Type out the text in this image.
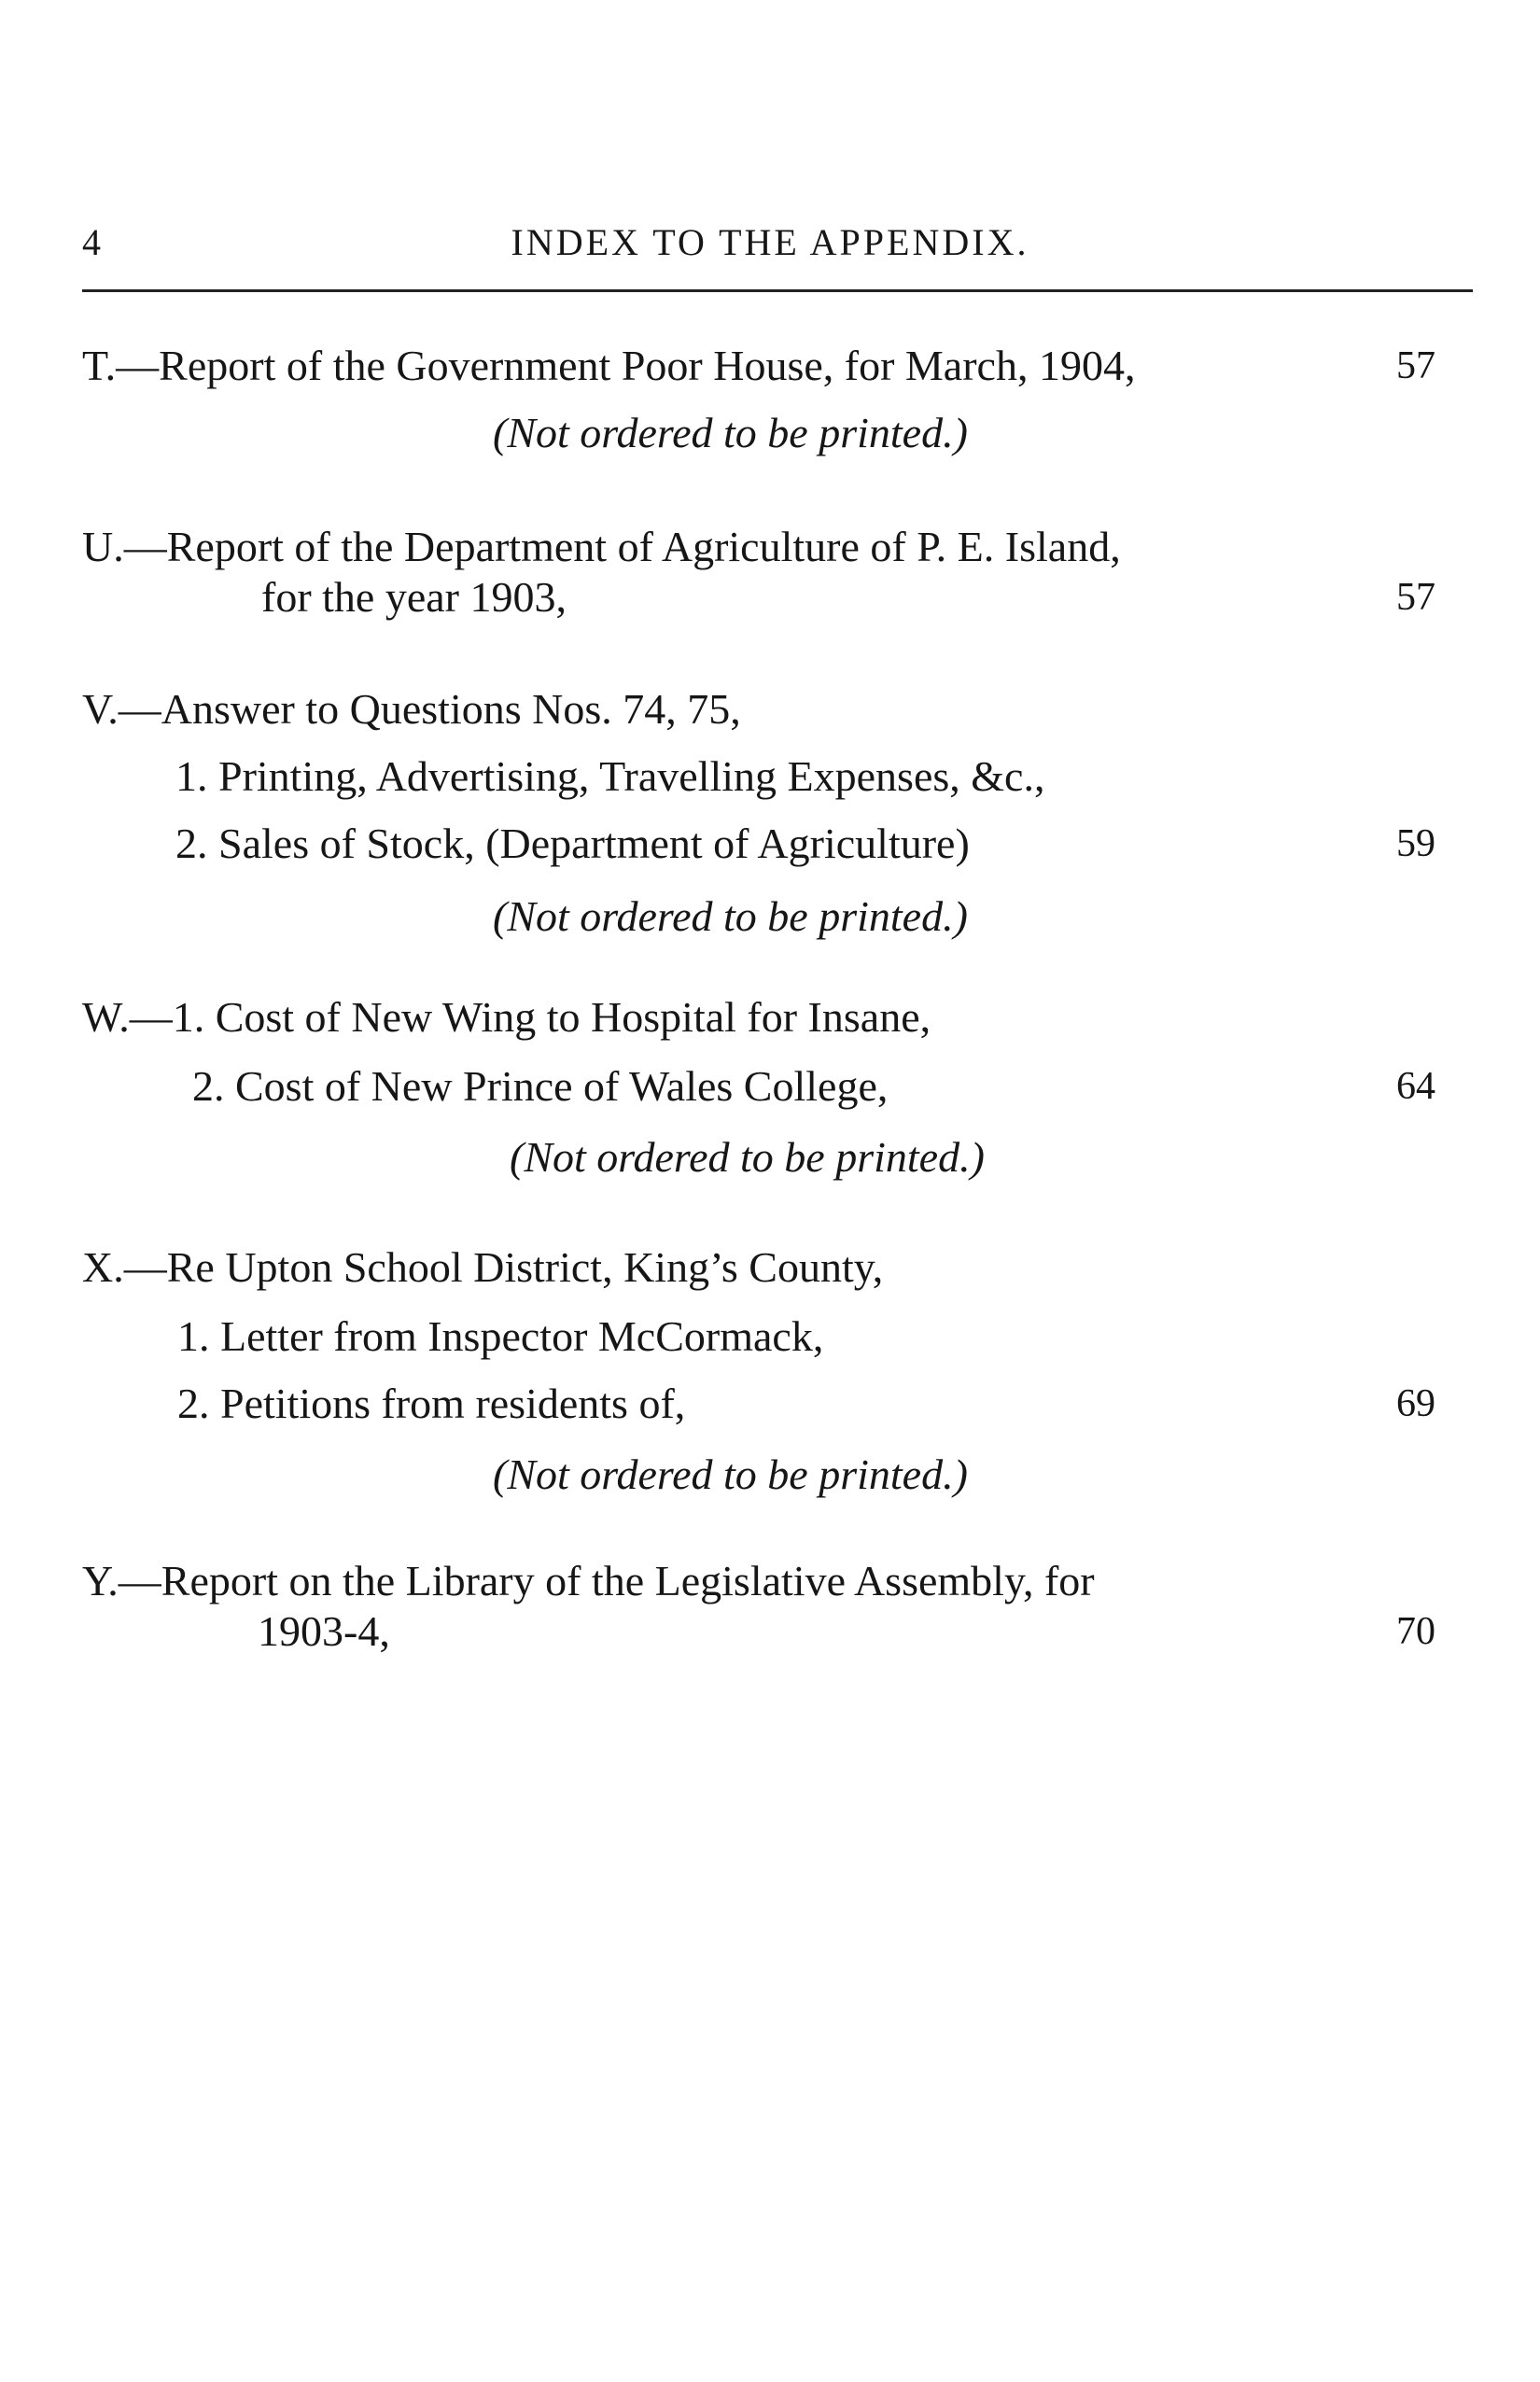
4	INDEX TO THE APPENDIX.
T.—Report of the Government Poor House, for March, 1904,	57
(Not ordered to be printed.)
U.—Report of the Department of Agriculture of P. E. Island,
for the year 1903,	57
V.—Answer to Questions Nos. 74, 75,
1. Printing, Advertising, Travelling Expenses, &c.,
2. Sales of Stock, (Department of Agriculture)	59
(Not ordered to be printed.)
W.—1. Cost of New Wing to Hospital for Insane,
2. Cost of New Prince of Wales College,	64
(Not ordered to be printed.)
X.—Re Upton School District, King’s County,
1. Letter from Inspector McCormack,
2. Petitions from residents of,	69
(Not ordered to be printed.)
Y.—Report on the Library of the Legislative Assembly, for
1903-4,	70
